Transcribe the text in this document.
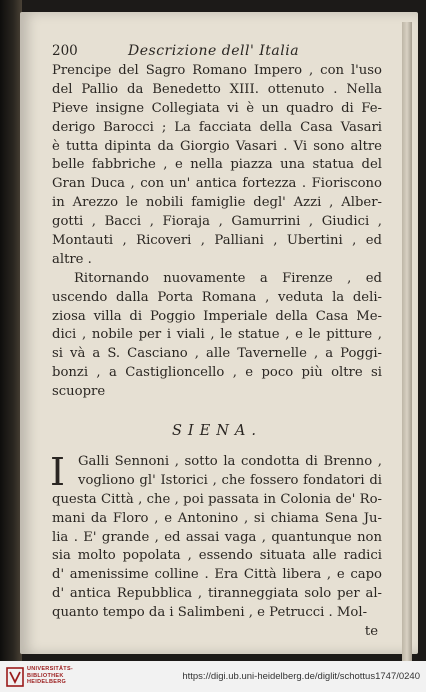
200	Descrizione dell' Italia
Prencipe del Sagro Romano Impero , con l'uso
del Pallio da Benedetto XIII. ottenuto . Nella
Pieve insigne Collegiata vi è un quadro di Fe-
derigo Barocci ; La facciata della Casa Vasari
è tutta dipinta da Giorgio Vasari . Vi sono altre
belle fabbriche , e nella piazza una statua del
Gran Duca , con un' antica fortezza . Fioriscono
in Arezzo le nobili famiglie degl' Azzi , Alber-
gotti , Bacci , Fioraja , Gamurrini , Giudici ,
Montauti , Ricoveri , Palliani , Ubertini , ed
altre .
Ritornando nuovamente a Firenze , ed
uscendo dalla Porta Romana , veduta la deli-
ziosa villa di Poggio Imperiale della Casa Me-
dici , nobile per i viali , le statue , e le pitture ,
si và a S. Casciano , alle Tavernelle , a Poggi-
bonzi , a Castiglioncello , e poco più oltre si
scuopre
SIENA.
I Galli Sennoni , sotto la condotta di Brenno ,
vogliono gl' Istorici , che fossero fondatori di
questa Città , che , poi passata in Colonia de' Ro-
mani da Floro , e Antonino , si chiama Sena Ju-
lia . E' grande , ed assai vaga , quantunque non
sia molto popolata , essendo situata alle radici
d' amenissime colline . Era Città libera , e capo
d' antica Repubblica , tiranneggiata solo per al-
quanto tempo da i Salimbeni , e Petrucci . Mol-
te
UNIVERSITÄTS-
BIBLIOTHEK
HEIDELBERG	https://digi.ub.uni-heidelberg.de/diglit/schottus1747/0240
